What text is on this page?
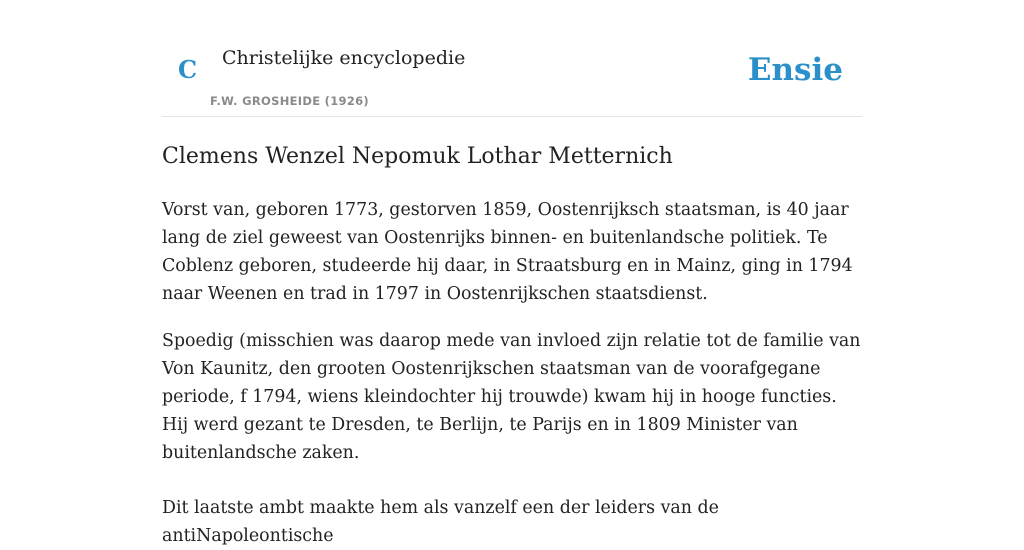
C Christelijke encyclopedie
F.W. GROSHEIDE (1926)
Ensie
Clemens Wenzel Nepomuk Lothar Metternich

Vorst van, geboren 1773, gestorven 1859, Oostenrijksch staatsman, is 40 jaar lang de ziel geweest van Oostenrijks binnen- en buitenlandsche politiek. Te Coblenz geboren, studeerde hij daar, in Straatsburg en in Mainz, ging in 1794 naar Weenen en trad in 1797 in Oostenrijkschen staatsdienst.

Spoedig (misschien was daarop mede van invloed zijn relatie tot de familie van Von Kaunitz, den grooten Oostenrijkschen staatsman van de voorafgegane periode, f 1794, wiens kleindochter hij trouwde) kwam hij in hooge functies. Hij werd gezant te Dresden, te Berlijn, te Parijs en in 1809 Minister van buitenlandsche zaken.

Dit laatste ambt maakte hem als vanzelf een der leiders van de antiNapoleontische
